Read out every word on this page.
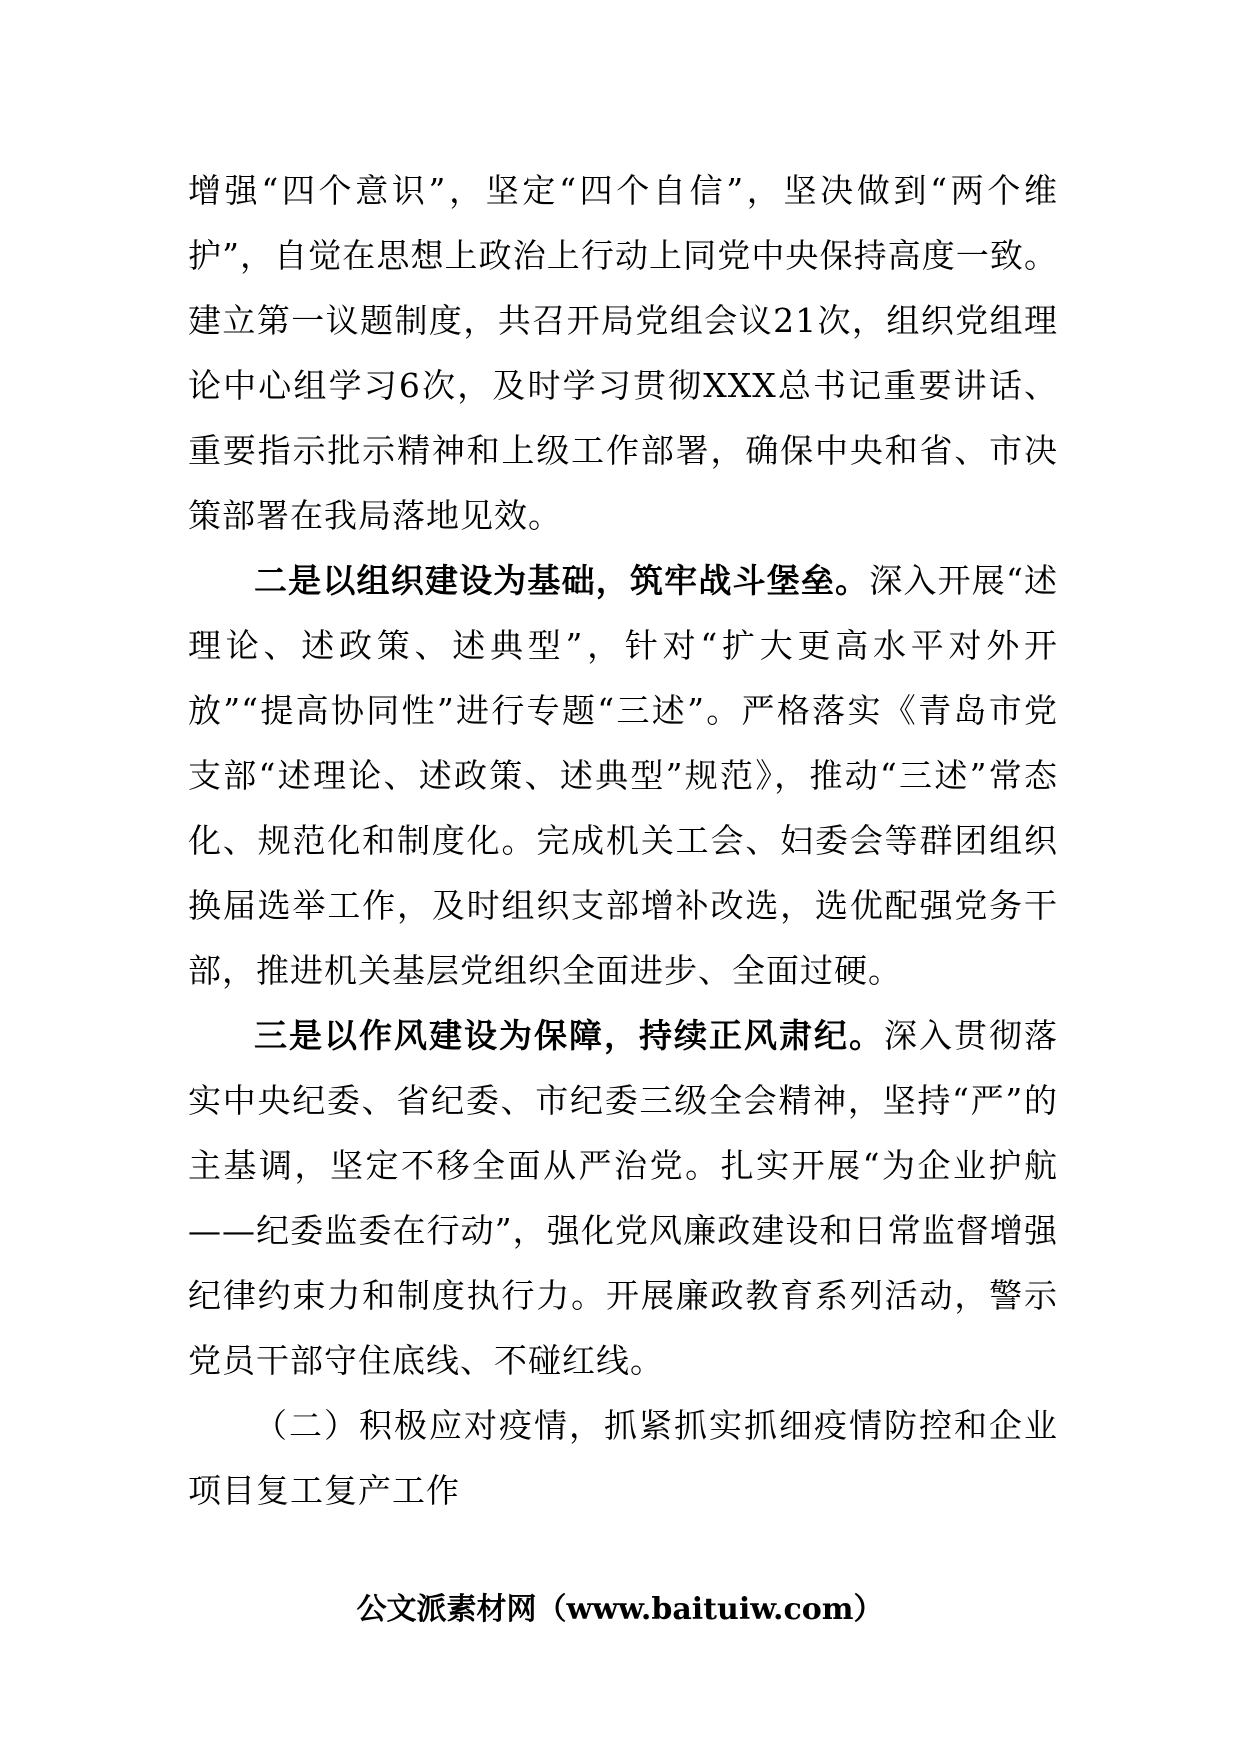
增强“四个意识”，坚定“四个自信”，坚决做到“两个维护”，自觉在思想上政治上行动上同党中央保持高度一致。建立第一议题制度，共召开局党组会议21次，组织党组理论中心组学习6次，及时学习贯彻XXX总书记重要讲话、重要指示批示精神和上级工作部署，确保中央和省、市决策部署在我局落地见效。

二是以组织建设为基础，筑牢战斗堡垒。深入开展“述理论、述政策、述典型”，针对“扩大更高水平对外开放”“提高协同性”进行专题“三述”。严格落实《青岛市党支部“述理论、述政策、述典型”规范》，推动“三述”常态化、规范化和制度化。完成机关工会、妇委会等群团组织换届选举工作，及时组织支部增补改选，选优配强党务干部，推进机关基层党组织全面进步、全面过硬。

三是以作风建设为保障，持续正风肃纪。深入贯彻落实中央纪委、省纪委、市纪委三级全会精神，坚持“严”的主基调，坚定不移全面从严治党。扎实开展“为企业护航——纪委监委在行动”，强化党风廉政建设和日常监督增强纪律约束力和制度执行力。开展廉政教育系列活动，警示党员干部守住底线、不碰红线。

（二）积极应对疫情，抓紧抓实抓细疫情防控和企业项目复工复产工作

公文派素材网（www.baituiw.com）
